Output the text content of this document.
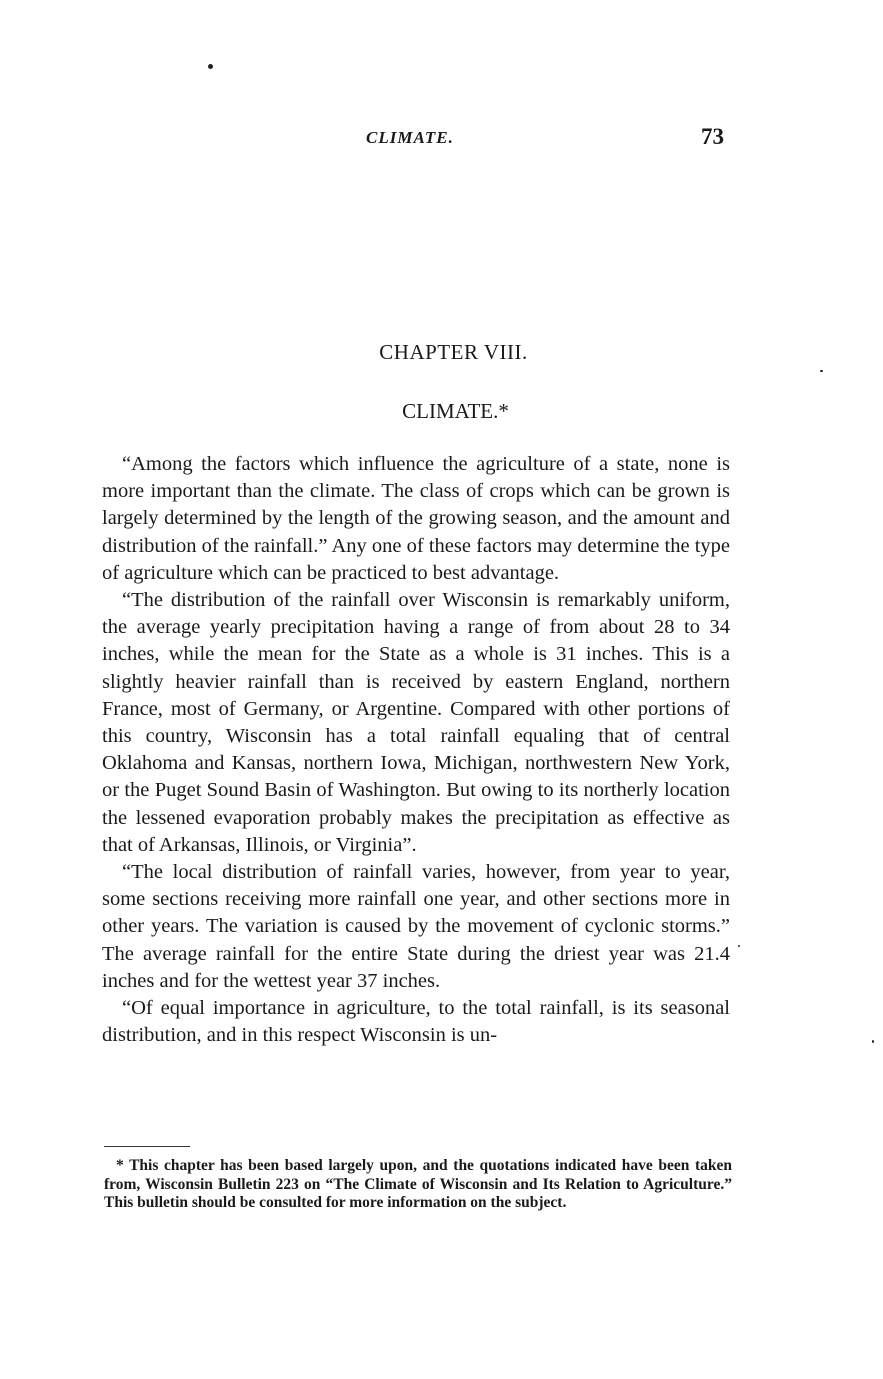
CLIMATE.	73
CHAPTER VIII.
CLIMATE.*

“Among the factors which influence the agriculture of a state, none is more important than the climate. The class of crops which can be grown is largely determined by the length of the growing season, and the amount and distribution of the rainfall.” Any one of these factors may determine the type of agriculture which can be practiced to best advantage.

“The distribution of the rainfall over Wisconsin is remarkably uniform, the average yearly precipitation having a range of from about 28 to 34 inches, while the mean for the State as a whole is 31 inches. This is a slightly heavier rainfall than is received by eastern England, northern France, most of Germany, or Argentine. Compared with other portions of this country, Wisconsin has a total rainfall equaling that of central Oklahoma and Kansas, northern Iowa, Michigan, northwestern New York, or the Puget Sound Basin of Washington. But owing to its northerly location the lessened evaporation probably makes the precipitation as effective as that of Arkansas, Illinois, or Virginia”.

“The local distribution of rainfall varies, however, from year to year, some sections receiving more rainfall one year, and other sections more in other years. The variation is caused by the movement of cyclonic storms.” The average rainfall for the entire State during the driest year was 21.4 inches and for the wettest year 37 inches.

“Of equal importance in agriculture, to the total rainfall, is its seasonal distribution, and in this respect Wisconsin is un-

* This chapter has been based largely upon, and the quotations indicated have been taken from, Wisconsin Bulletin 223 on “The Climate of Wisconsin and Its Relation to Agriculture.” This bulletin should be consulted for more information on the subject.
